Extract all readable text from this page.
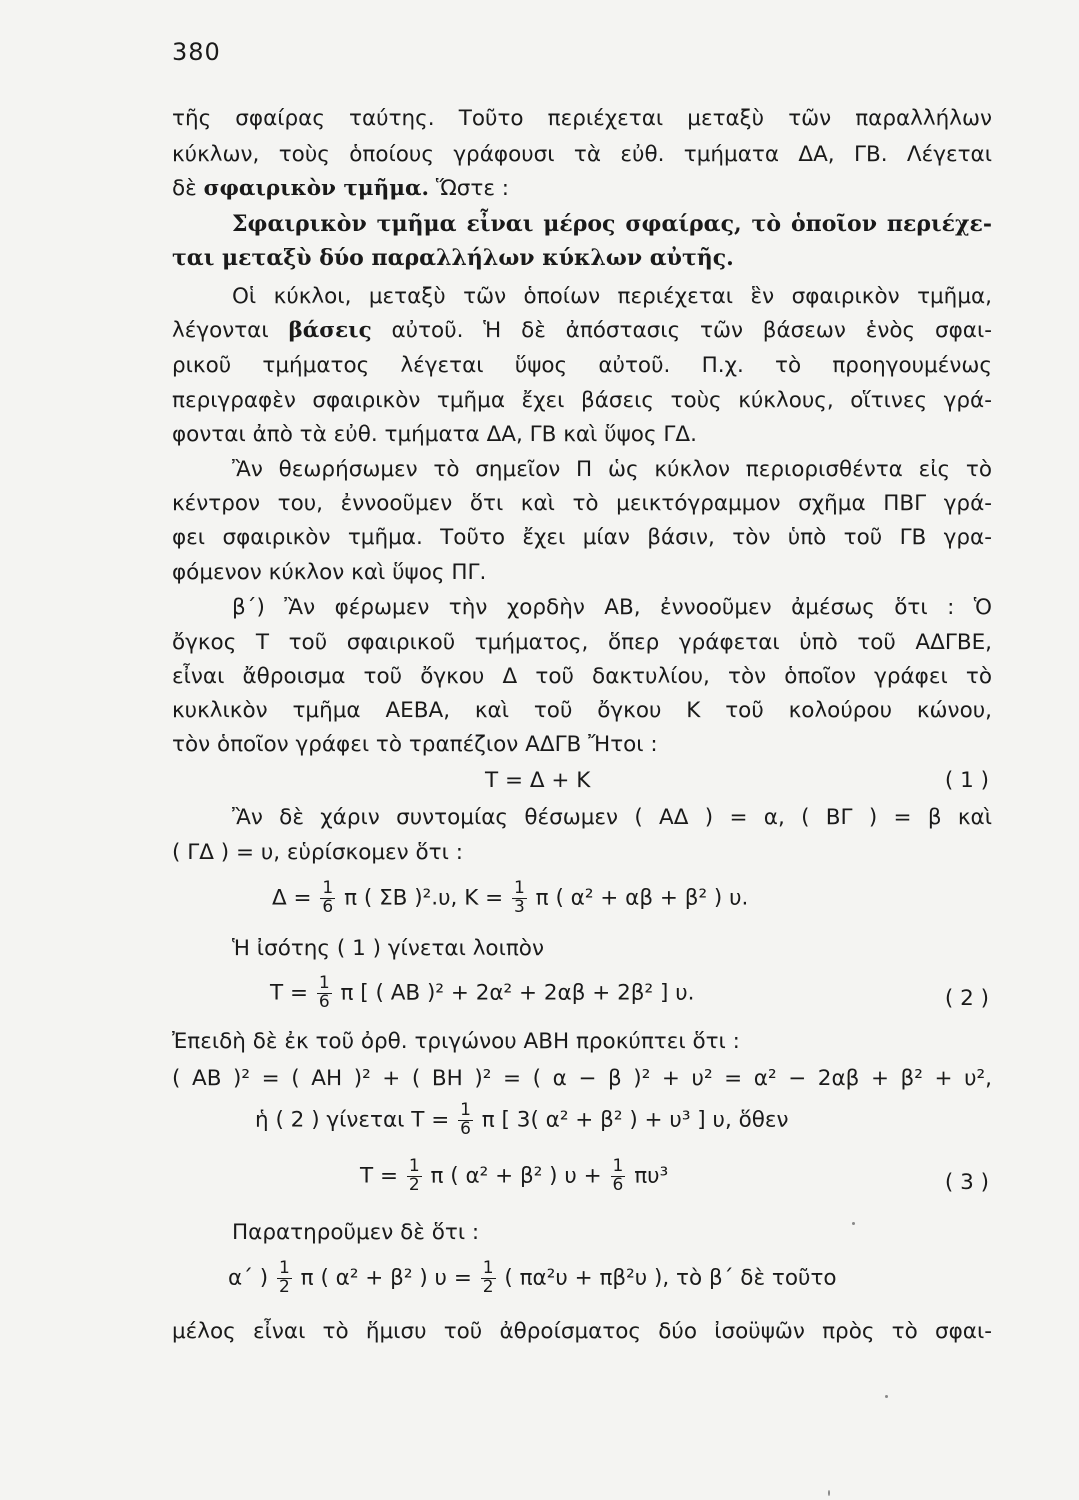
380
τῆς σφαίρας ταύτης. Τοῦτο περιέχεται μεταξὺ τῶν παραλλήλων
κύκλων, τοὺς ὁποίους γράφουσι τὰ εὐθ. τμήματα ΔΑ, ΓΒ. Λέγεται
δὲ σφαιρικὸν τμῆμα. Ὥστε :
Σφαιρικὸν τμῆμα εἶναι μέρος σφαίρας, τὸ ὁποῖον περιέχε-
ται μεταξὺ δύο παραλλήλων κύκλων αὐτῆς.
Οἱ κύκλοι, μεταξὺ τῶν ὁποίων περιέχεται ἓν σφαιρικὸν τμῆμα,
λέγονται βάσεις αὐτοῦ. Ἡ δὲ ἀπόστασις τῶν βάσεων ἑνὸς σφαι-
ρικοῦ τμήματος λέγεται ὕψος αὐτοῦ. Π.χ. τὸ προηγουμένως
περιγραφὲν σφαιρικὸν τμῆμα ἔχει βάσεις τοὺς κύκλους, οἵτινες γρά-
φονται ἀπὸ τὰ εὐθ. τμήματα ΔΑ, ΓΒ καὶ ὕψος ΓΔ.
Ἂν θεωρήσωμεν τὸ σημεῖον Π ὡς κύκλον περιορισθέντα εἰς τὸ
κέντρον του, ἐννοοῦμεν ὅτι καὶ τὸ μεικτόγραμμον σχῆμα ΠΒΓ γρά-
φει σφαιρικὸν τμῆμα. Τοῦτο ἔχει μίαν βάσιν, τὸν ὑπὸ τοῦ ΓΒ γρα-
φόμενον κύκλον καὶ ὕψος ΠΓ.
β΄) Ἂν φέρωμεν τὴν χορδὴν ΑΒ, ἐννοοῦμεν ἀμέσως ὅτι : Ὁ
ὄγκος Τ τοῦ σφαιρικοῦ τμήματος, ὅπερ γράφεται ὑπὸ τοῦ ΑΔΓΒΕ,
εἶναι ἄθροισμα τοῦ ὄγκου Δ τοῦ δακτυλίου, τὸν ὁποῖον γράφει τὸ
κυκλικὸν τμῆμα ΑΕΒΑ, καὶ τοῦ ὄγκου Κ τοῦ κολούρου κώνου,
τὸν ὁποῖον γράφει τὸ τραπέζιον ΑΔΓΒ Ἤτοι :
Τ = Δ + Κ	( 1 )
Ἂν δὲ χάριν συντομίας θέσωμεν ( ΑΔ ) = α, ( ΒΓ ) = β καὶ
( ΓΔ ) = υ, εὑρίσκομεν ὅτι :
$\Delta = \frac{1}{6}$ π ( ΣΒ )².υ, $K = \frac{1}{3}$ π ( α² + αβ + β² ) υ.
Ἡ ἰσότης ( 1 ) γίνεται λοιπὸν
$T = \frac{1}{6}$ π [ ( ΑΒ )² + 2α² + 2αβ + 2β² ] υ.	( 2 )
Ἐπειδὴ δὲ ἐκ τοῦ ὀρθ. τριγώνου ΑΒΗ προκύπτει ὅτι :
( ΑΒ )² = ( ΑΗ )² + ( ΒΗ )² = ( α − β )² + υ² = α² − 2αβ + β² + υ²,
ἡ ( 2 ) γίνεται $T = \frac{1}{6}$ π [ 3( α² + β² ) + υ³ ] υ, ὅθεν
$T = \frac{1}{2}$ π ( α² + β² ) $\upsilon + \frac{1}{6} \pi\upsilon^3$	( 3 )
Παρατηροῦμεν δὲ ὅτι :
α΄ ) $\frac{1}{2}$ π ( α² + β² ) $\upsilon = \frac{1}{2}$ ( πα²υ + πβ²υ ), τὸ β΄ δὲ τοῦτο
μέλος εἶναι τὸ ἥμισυ τοῦ ἀθροίσματος δύο ἰσοϋψῶν πρὸς τὸ σφαι-
